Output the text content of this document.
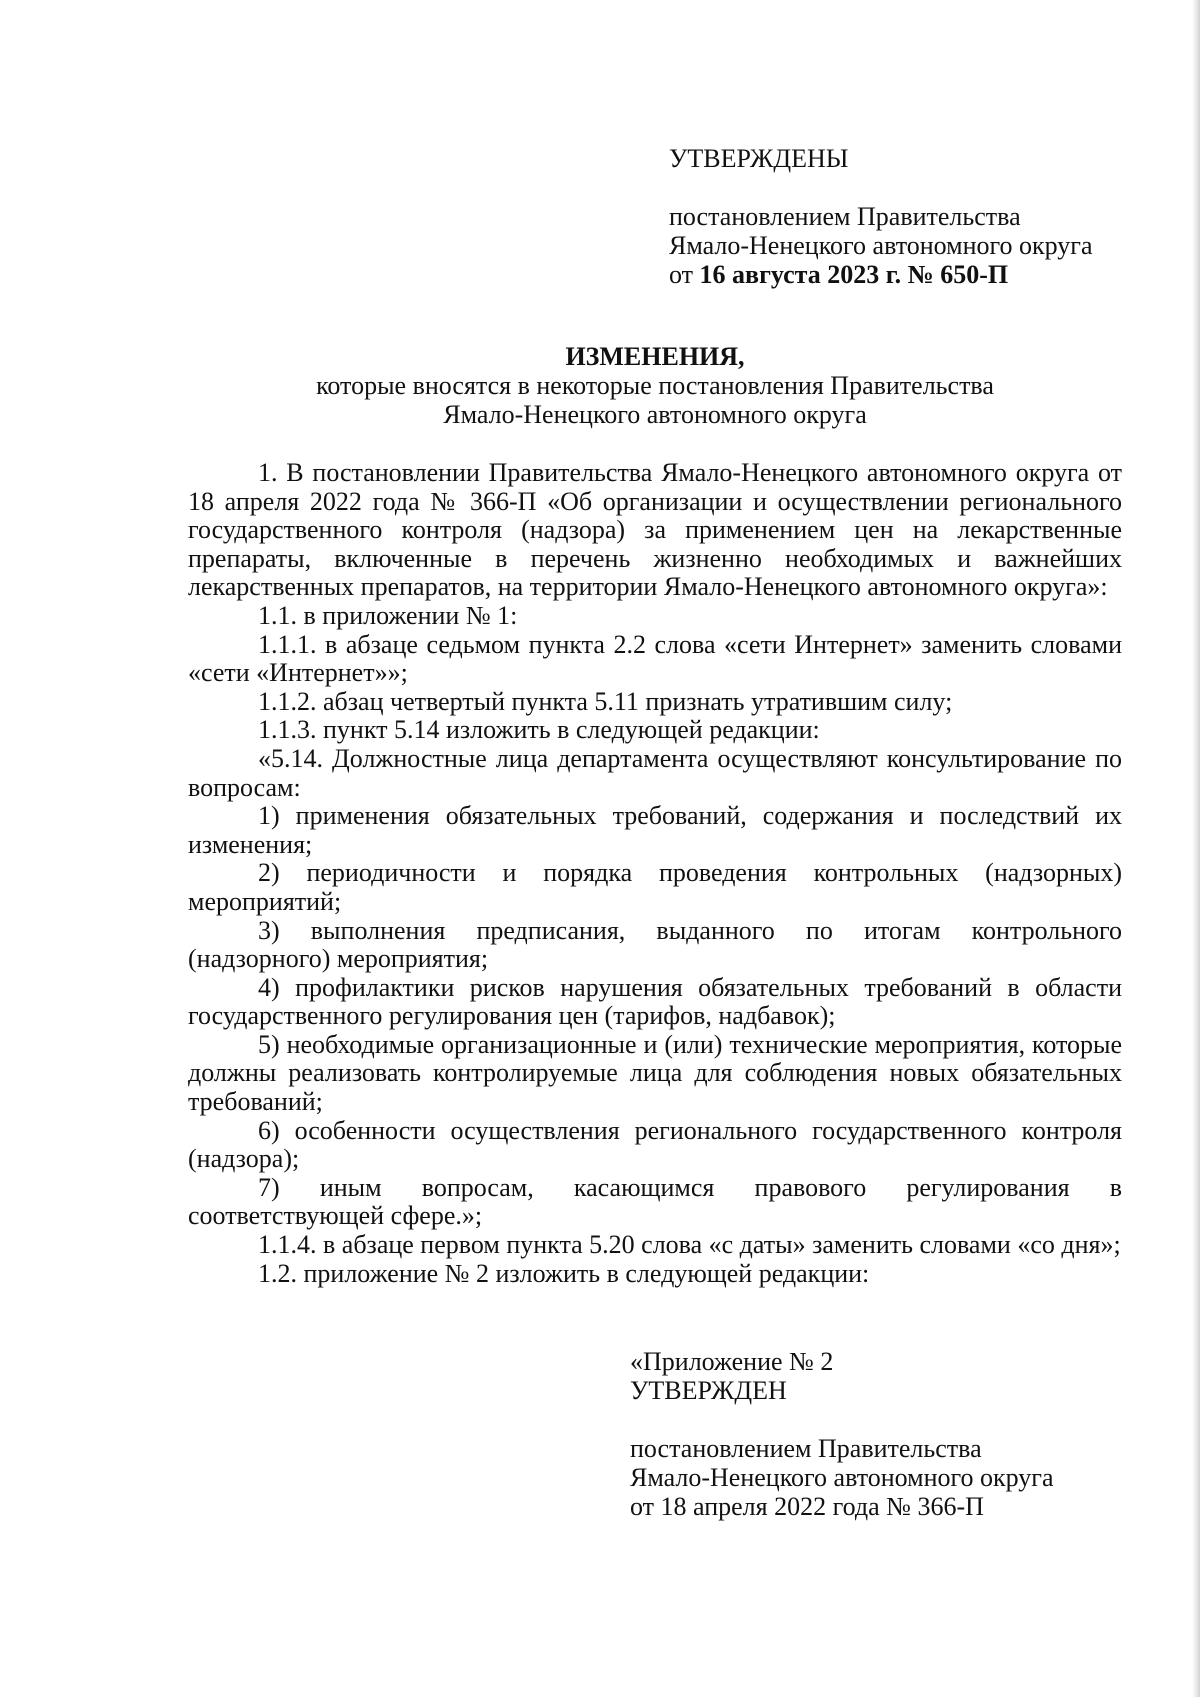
УТВЕРЖДЕНЫ

постановлением Правительства

Ямало-Ненецкого автономного округа

от 16 августа 2023 г. № 650-П

ИЗМЕНЕНИЯ,

которые вносятся в некоторые постановления Правительства

Ямало-Ненецкого автономного округа

1. В постановлении Правительства Ямало-Ненецкого автономного округа от 18 апреля 2022 года № 366-П «Об организации и осуществлении регионального государственного контроля (надзора) за применением цен на лекарственные препараты, включенные в перечень жизненно необходимых и важнейших лекарственных препаратов, на территории Ямало-Ненецкого автономного округа»:

1.1. в приложении № 1:

1.1.1. в абзаце седьмом пункта 2.2 слова «сети Интернет» заменить словами «сети «Интернет»»;

1.1.2. абзац четвертый пункта 5.11 признать утратившим силу;

1.1.3. пункт 5.14 изложить в следующей редакции:

«5.14. Должностные лица департамента осуществляют консультирование по вопросам:

1) применения обязательных требований, содержания и последствий их изменения;

2) периодичности и порядка проведения контрольных (надзорных) мероприятий;

3) выполнения предписания, выданного по итогам контрольного (надзорного) мероприятия;

4) профилактики рисков нарушения обязательных требований в области государственного регулирования цен (тарифов, надбавок);

5) необходимые организационные и (или) технические мероприятия, которые должны реализовать контролируемые лица для соблюдения новых обязательных требований;

6) особенности осуществления регионального государственного контроля (надзора);

7) иным вопросам, касающимся правового регулирования в соответствующей сфере.»;

1.1.4. в абзаце первом пункта 5.20 слова «с даты» заменить словами «со дня»;

1.2. приложение № 2 изложить в следующей редакции:

«Приложение № 2

УТВЕРЖДЕН

постановлением Правительства

Ямало-Ненецкого автономного округа

от 18 апреля 2022 года № 366-П
